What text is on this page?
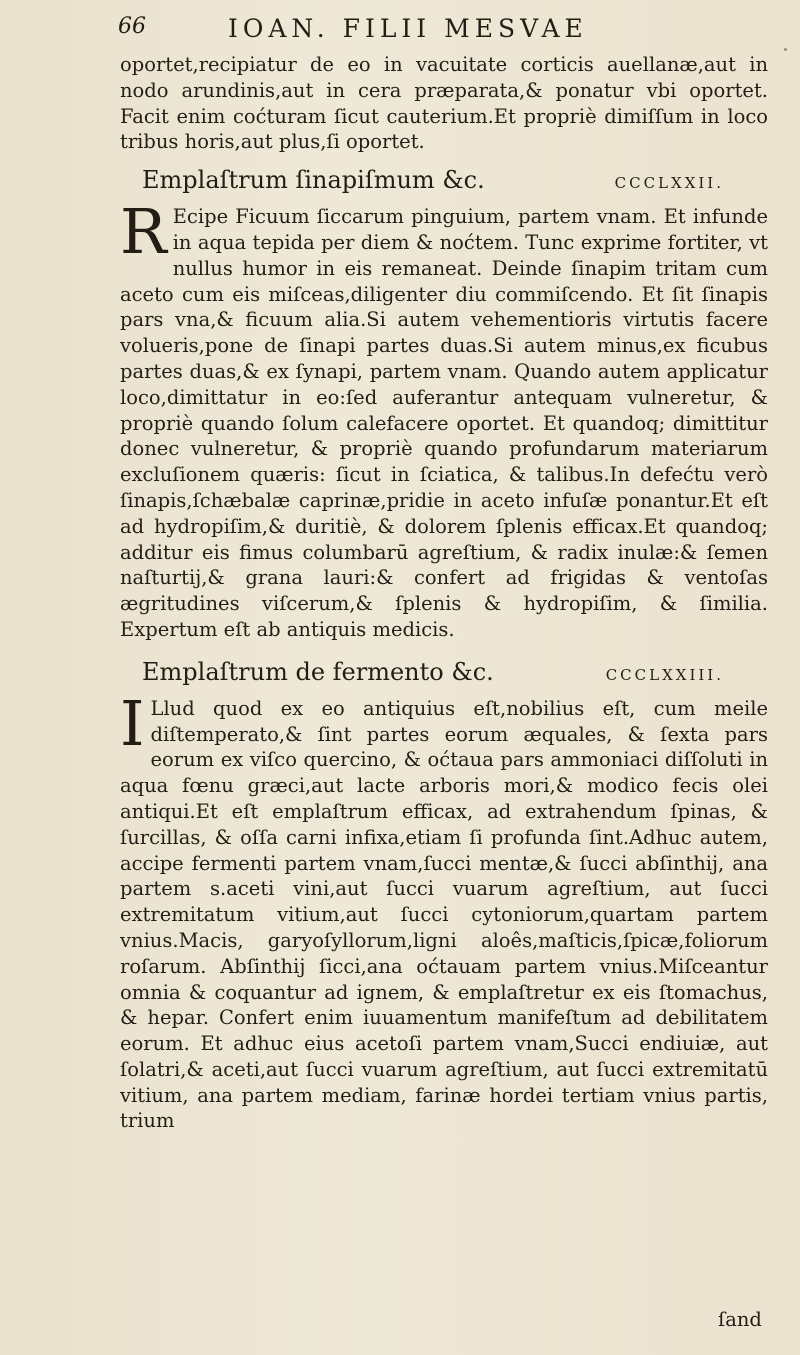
66	IOAN. FILII MESVAE

oportet,recipiatur de eo in vacuitate corticis auellanæ,aut in nodo arundinis,aut in cera præparata,& ponatur vbi oportet. Facit enim coćturam ſicut cauterium.Et propriè dimiſſum in loco tribus horis,aut plus,ſi oportet.

Emplaſtrum ſinapiſmum &c.	CCCLXXII.

R Ecipe Ficuum ſiccarum pinguium, partem vnam. Et infunde in aqua tepida per diem & noćtem. Tunc exprime fortiter, vt nullus humor in eis remaneat. Deinde ſinapim tritam cum aceto cum eis miſceas,diligenter diu commiſcendo. Et ſit ſinapis pars vna,& ficuum alia.Si autem vehementioris virtutis facere volueris,pone de ſinapi partes duas.Si autem minus,ex ficubus partes duas,& ex ſynapi, partem vnam. Quando autem applicatur loco,dimittatur in eo:ſed auferantur antequam vulneretur, & propriè quando ſolum calefacere oportet. Et quandoq; dimittitur donec vulneretur, & propriè quando profundarum materiarum excluſionem quæris: ſicut in ſciatica, & talibus.In defećtu verò ſinapis,ſchæbalæ caprinæ,pridie in aceto infuſæ ponantur.Et eſt ad hydropiſim,& duritiè, & dolorem ſplenis efficax.Et quandoq; additur eis fimus columbarū agreſtium, & radix inulæ:& ſemen naſturtij,& grana lauri:& confert ad frigidas & ventoſas ægritudines viſcerum,& ſplenis & hydropiſim, & ſimilia. Expertum eſt ab antiquis medicis.

Emplaſtrum de fermento &c.	CCCLXXIII.

I Llud quod ex eo antiquius eſt,nobilius eſt, cum meile diſtemperato,& ſint partes eorum æquales, & ſexta pars eorum ex viſco quercino, & oćtaua pars ammoniaci diſſoluti in aqua fœnu græci,aut lacte arboris mori,& modico fecis olei antiqui.Et eſt emplaſtrum efficax, ad extrahendum ſpinas, & ſurcillas, & oſſa carni infixa,etiam ſi profunda ſint.Adhuc autem, accipe fermenti partem vnam,ſucci mentæ,& ſucci abſinthij, ana partem s.aceti vini,aut ſucci vuarum agreſtium, aut ſucci extremitatum vitium,aut ſucci cytoniorum,quartam partem vnius.Macis, garyoſyllorum,ligni aloês,maſticis,ſpicæ,foliorum roſarum. Abſinthij ſicci,ana oćtauam partem vnius.Miſceantur omnia & coquantur ad ignem, & emplaſtretur ex eis ſtomachus, & hepar. Confert enim iuuamentum manifeſtum ad debilitatem eorum. Et adhuc eius acetoſi partem vnam,Succi endiuiæ, aut ſolatri,& aceti,aut ſucci vuarum agreſtium, aut ſucci extremitatū vitium, ana partem mediam, farinæ hordei tertiam vnius partis, trium

ſand
